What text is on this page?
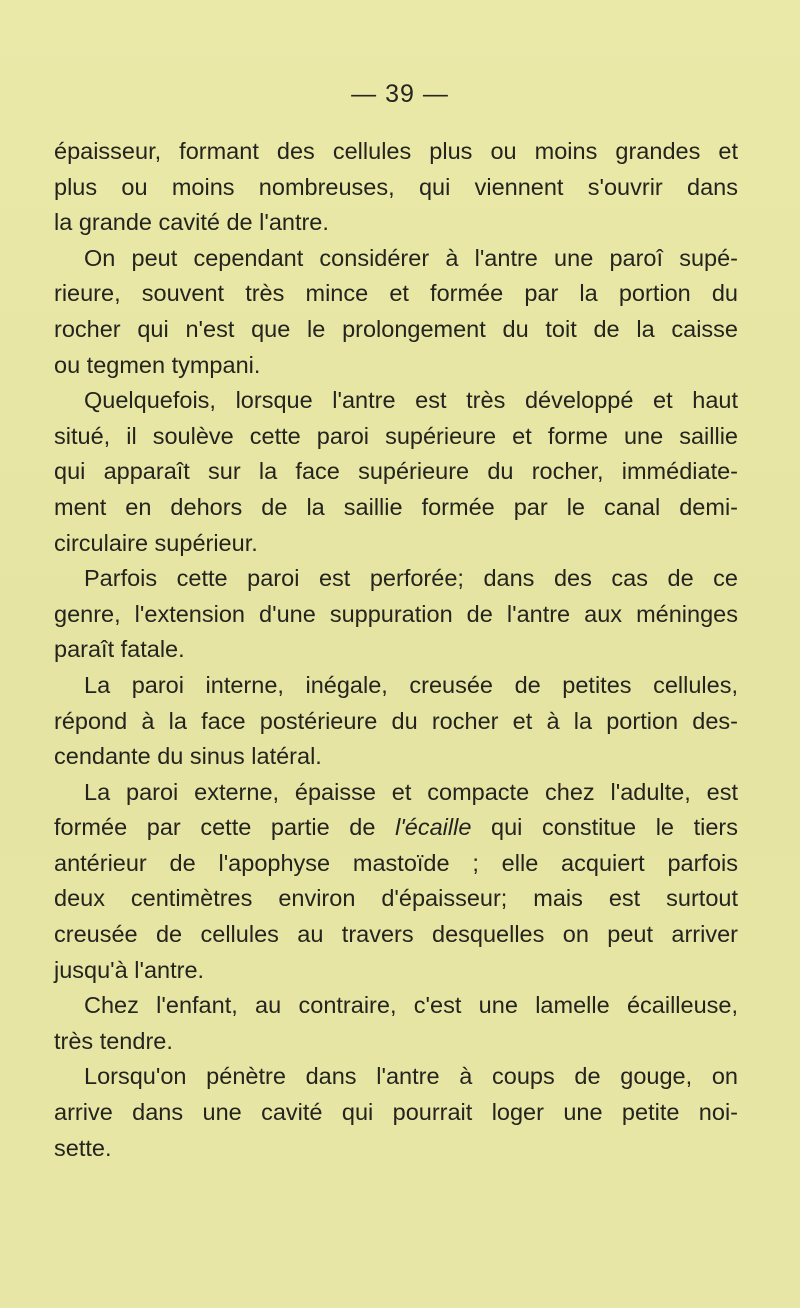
— 39 —
épaisseur, formant des cellules plus ou moins grandes et
plus ou moins nombreuses, qui viennent s'ouvrir dans
la grande cavité de l'antre.
On peut cependant considérer à l'antre une paroî supé-
rieure, souvent très mince et formée par la portion du
rocher qui n'est que le prolongement du toit de la caisse
ou tegmen tympani.
Quelquefois, lorsque l'antre est très développé et haut
situé, il soulève cette paroi supérieure et forme une saillie
qui apparaît sur la face supérieure du rocher, immédiate-
ment en dehors de la saillie formée par le canal demi-
circulaire supérieur.
Parfois cette paroi est perforée; dans des cas de ce
genre, l'extension d'une suppuration de l'antre aux méninges
paraît fatale.
La paroi interne, inégale, creusée de petites cellules,
répond à la face postérieure du rocher et à la portion des-
cendante du sinus latéral.
La paroi externe, épaisse et compacte chez l'adulte, est
formée par cette partie de l'écaille qui constitue le tiers
antérieur de l'apophyse mastoïde ; elle acquiert parfois
deux centimètres environ d'épaisseur; mais est surtout
creusée de cellules au travers desquelles on peut arriver
jusqu'à l'antre.
Chez l'enfant, au contraire, c'est une lamelle écailleuse,
très tendre.
Lorsqu'on pénètre dans l'antre à coups de gouge, on
arrive dans une cavité qui pourrait loger une petite noi-
sette.
